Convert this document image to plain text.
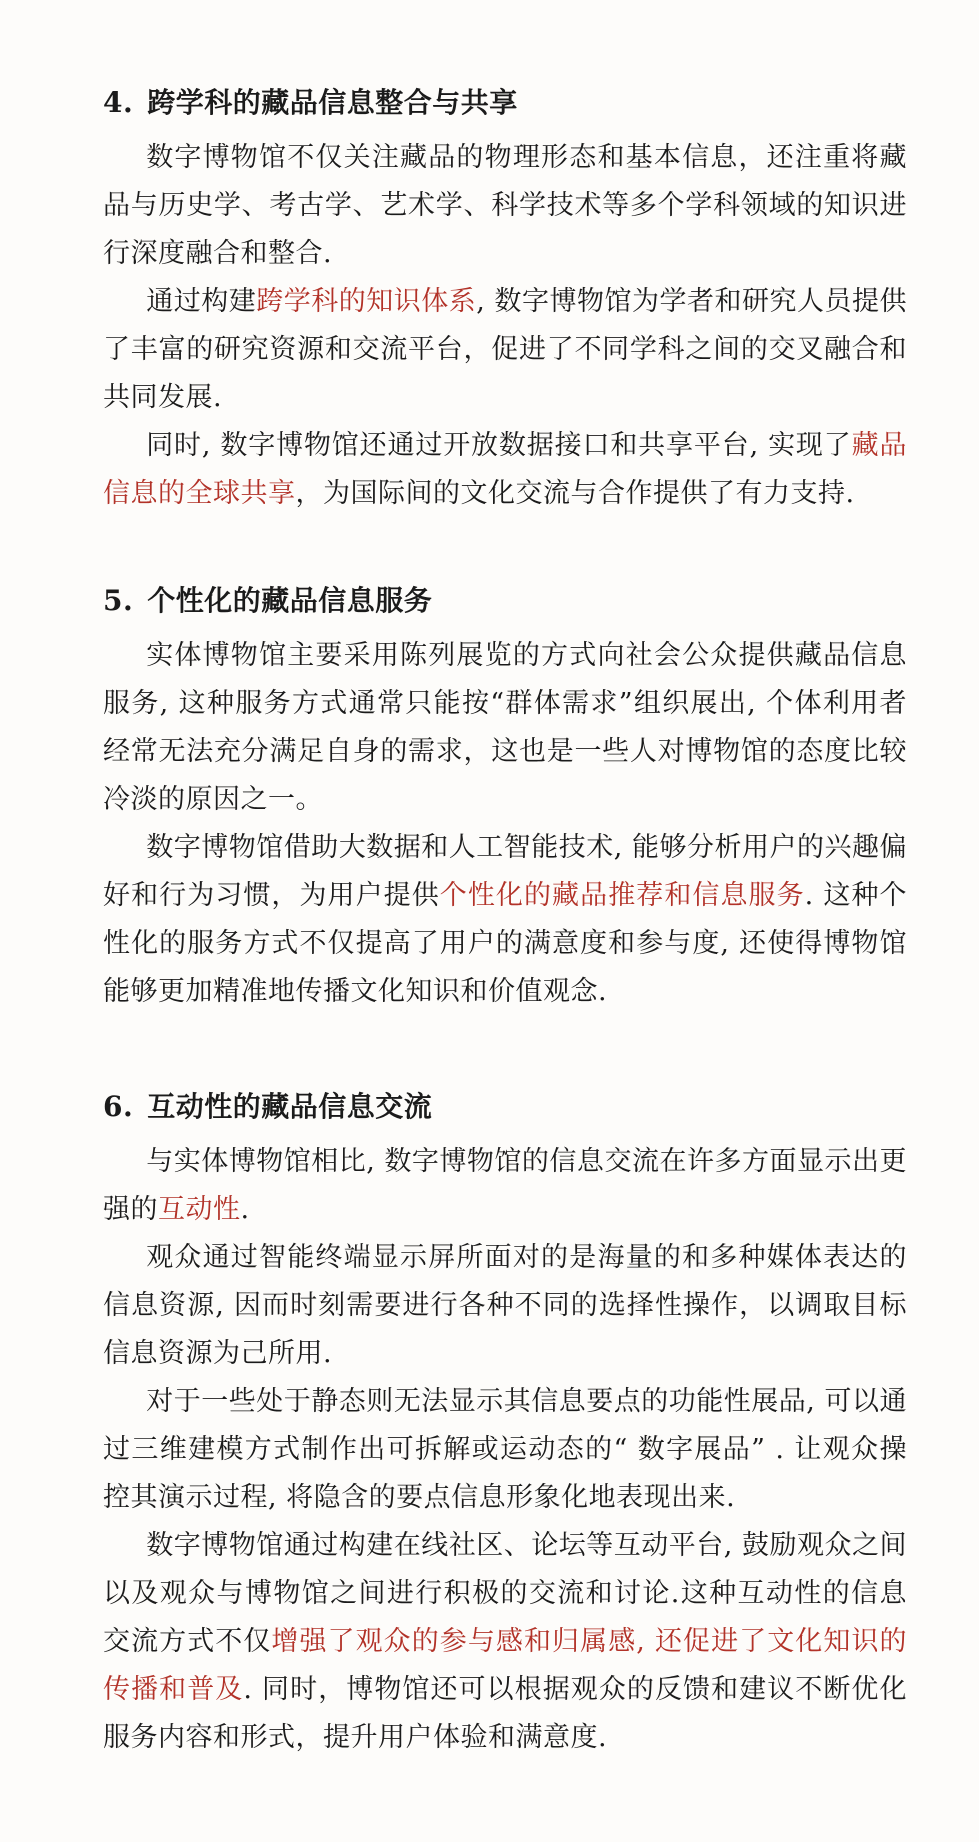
4. 跨学科的藏品信息整合与共享

数字博物馆不仅关注藏品的物理形态和基本信息，还注重将藏品与历史学、考古学、艺术学、科学技术等多个学科领域的知识进行深度融合和整合.

通过构建跨学科的知识体系, 数字博物馆为学者和研究人员提供了丰富的研究资源和交流平台，促进了不同学科之间的交叉融合和共同发展.

同时, 数字博物馆还通过开放数据接口和共享平台, 实现了藏品信息的全球共享，为国际间的文化交流与合作提供了有力支持.

5. 个性化的藏品信息服务

实体博物馆主要采用陈列展览的方式向社会公众提供藏品信息服务, 这种服务方式通常只能按“群体需求”组织展出, 个体利用者经常无法充分满足自身的需求，这也是一些人对博物馆的态度比较冷淡的原因之一。

数字博物馆借助大数据和人工智能技术, 能够分析用户的兴趣偏好和行为习惯，为用户提供个性化的藏品推荐和信息服务. 这种个性化的服务方式不仅提高了用户的满意度和参与度, 还使得博物馆能够更加精准地传播文化知识和价值观念.

6. 互动性的藏品信息交流

与实体博物馆相比, 数字博物馆的信息交流在许多方面显示出更强的互动性.

观众通过智能终端显示屏所面对的是海量的和多种媒体表达的信息资源, 因而时刻需要进行各种不同的选择性操作，以调取目标信息资源为己所用.

对于一些处于静态则无法显示其信息要点的功能性展品, 可以通过三维建模方式制作出可拆解或运动态的“ 数字展品” . 让观众操控其演示过程, 将隐含的要点信息形象化地表现出来.

数字博物馆通过构建在线社区、论坛等互动平台, 鼓励观众之间以及观众与博物馆之间进行积极的交流和讨论.这种互动性的信息交流方式不仅增强了观众的参与感和归属感, 还促进了文化知识的传播和普及. 同时，博物馆还可以根据观众的反馈和建议不断优化服务内容和形式，提升用户体验和满意度.
